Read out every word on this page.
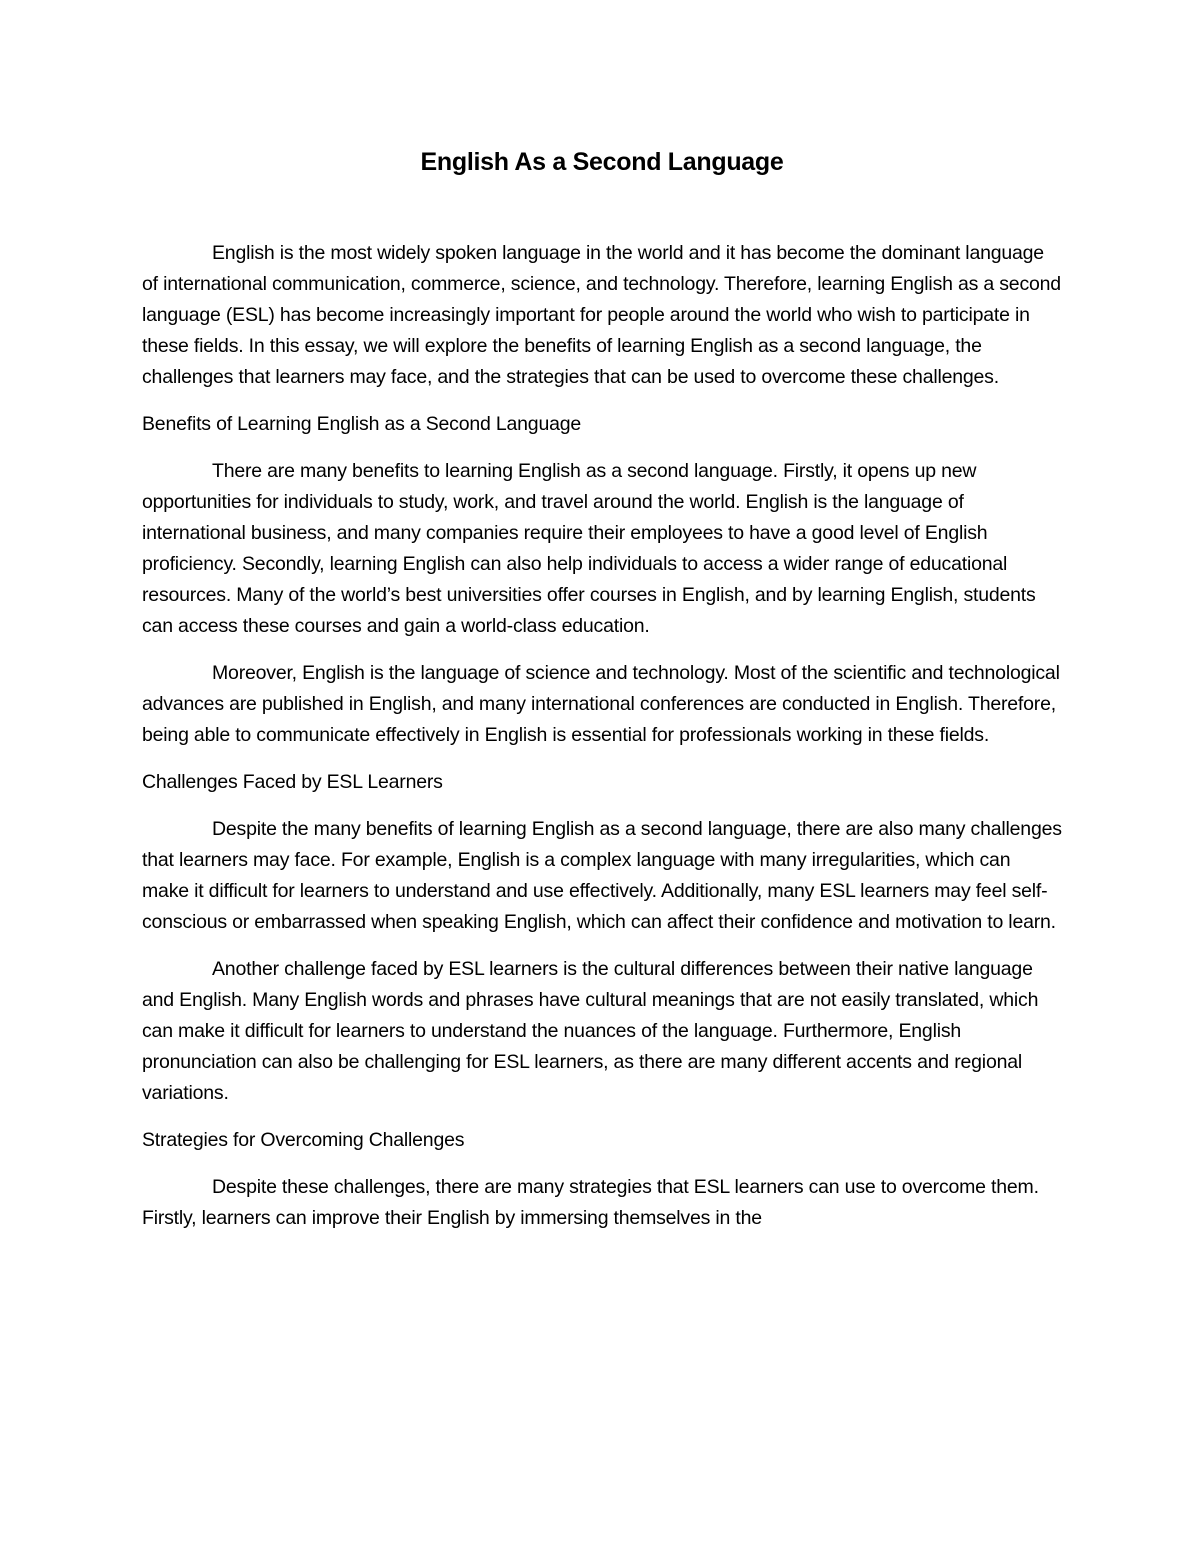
English As a Second Language

English is the most widely spoken language in the world and it has become the dominant language of international communication, commerce, science, and technology. Therefore, learning English as a second language (ESL) has become increasingly important for people around the world who wish to participate in these fields. In this essay, we will explore the benefits of learning English as a second language, the challenges that learners may face, and the strategies that can be used to overcome these challenges.

Benefits of Learning English as a Second Language

There are many benefits to learning English as a second language. Firstly, it opens up new opportunities for individuals to study, work, and travel around the world. English is the language of international business, and many companies require their employees to have a good level of English proficiency. Secondly, learning English can also help individuals to access a wider range of educational resources. Many of the world’s best universities offer courses in English, and by learning English, students can access these courses and gain a world-class education.

Moreover, English is the language of science and technology. Most of the scientific and technological advances are published in English, and many international conferences are conducted in English. Therefore, being able to communicate effectively in English is essential for professionals working in these fields.

Challenges Faced by ESL Learners

Despite the many benefits of learning English as a second language, there are also many challenges that learners may face. For example, English is a complex language with many irregularities, which can make it difficult for learners to understand and use effectively. Additionally, many ESL learners may feel self-conscious or embarrassed when speaking English, which can affect their confidence and motivation to learn.

Another challenge faced by ESL learners is the cultural differences between their native language and English. Many English words and phrases have cultural meanings that are not easily translated, which can make it difficult for learners to understand the nuances of the language. Furthermore, English pronunciation can also be challenging for ESL learners, as there are many different accents and regional variations.

Strategies for Overcoming Challenges

Despite these challenges, there are many strategies that ESL learners can use to overcome them. Firstly, learners can improve their English by immersing themselves in the
